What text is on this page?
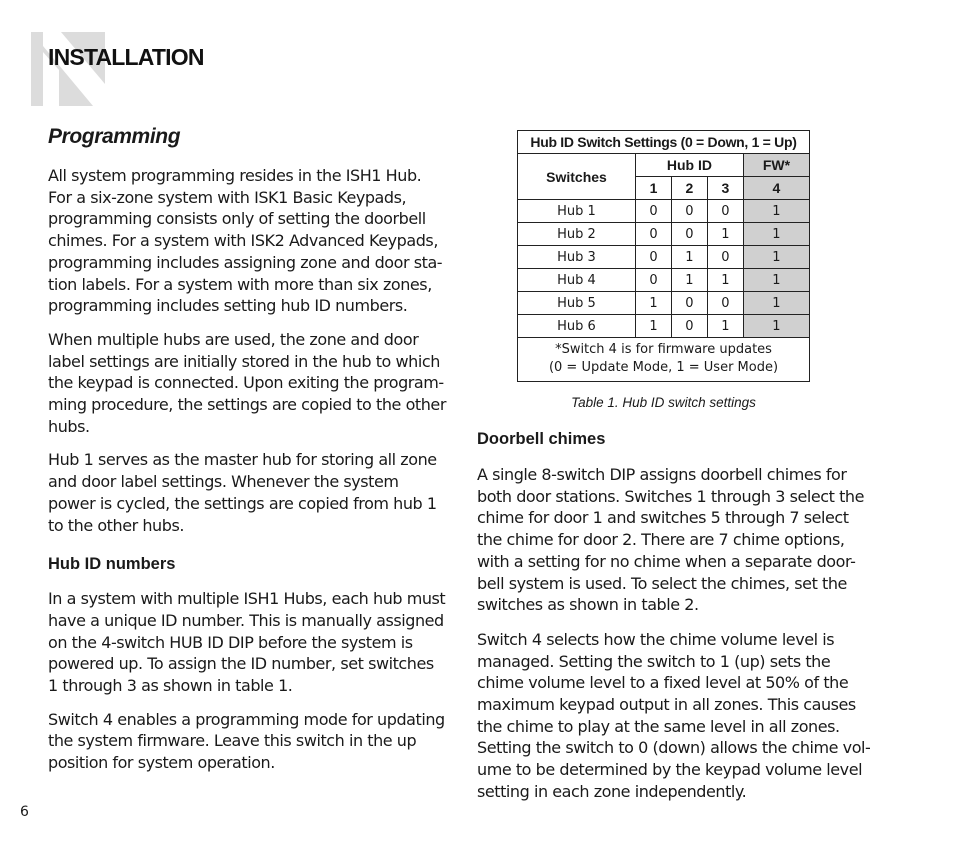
INSTALLATION
Programming

All system programming resides in the ISH1 Hub. For a six-zone system with ISK1 Basic Keypads, programming consists only of setting the doorbell chimes. For a system with ISK2 Advanced Keypads, programming includes assigning zone and door sta-tion labels. For a system with more than six zones, programming includes setting hub ID numbers.

When multiple hubs are used, the zone and door label settings are initially stored in the hub to which the keypad is connected. Upon exiting the program-ming procedure, the settings are copied to the other hubs.

Hub 1 serves as the master hub for storing all zone and door label settings. Whenever the system power is cycled, the settings are copied from hub 1 to the other hubs.

Hub ID numbers

In a system with multiple ISH1 Hubs, each hub must have a unique ID number. This is manually assigned on the 4-switch HUB ID DIP before the system is powered up. To assign the ID number, set switches 1 through 3 as shown in table 1.

Switch 4 enables a programming mode for updating the system firmware. Leave this switch in the up position for system operation.

Hub ID Switch Settings (0 = Down, 1 = Up)				
Switches	Hub ID			FW*
	1	2	3	4
Hub 1	0	0	0	1
Hub 2	0	0	1	1
Hub 3	0	1	0	1
Hub 4	0	1	1	1
Hub 5	1	0	0	1
Hub 6	1	0	1	1

*Switch 4 is for firmware updates
(0 = Update Mode, 1 = User Mode)				
Table 1. Hub ID switch settings
Doorbell chimes

A single 8-switch DIP assigns doorbell chimes for both door stations. Switches 1 through 3 select the chime for door 1 and switches 5 through 7 select the chime for door 2. There are 7 chime options, with a setting for no chime when a separate door-bell system is used. To select the chimes, set the switches as shown in table 2.

Switch 4 selects how the chime volume level is managed. Setting the switch to 1 (up) sets the chime volume level to a fixed level at 50% of the maximum keypad output in all zones. This causes the chime to play at the same level in all zones. Setting the switch to 0 (down) allows the chime vol-ume to be determined by the keypad volume level setting in each zone independently.

6
